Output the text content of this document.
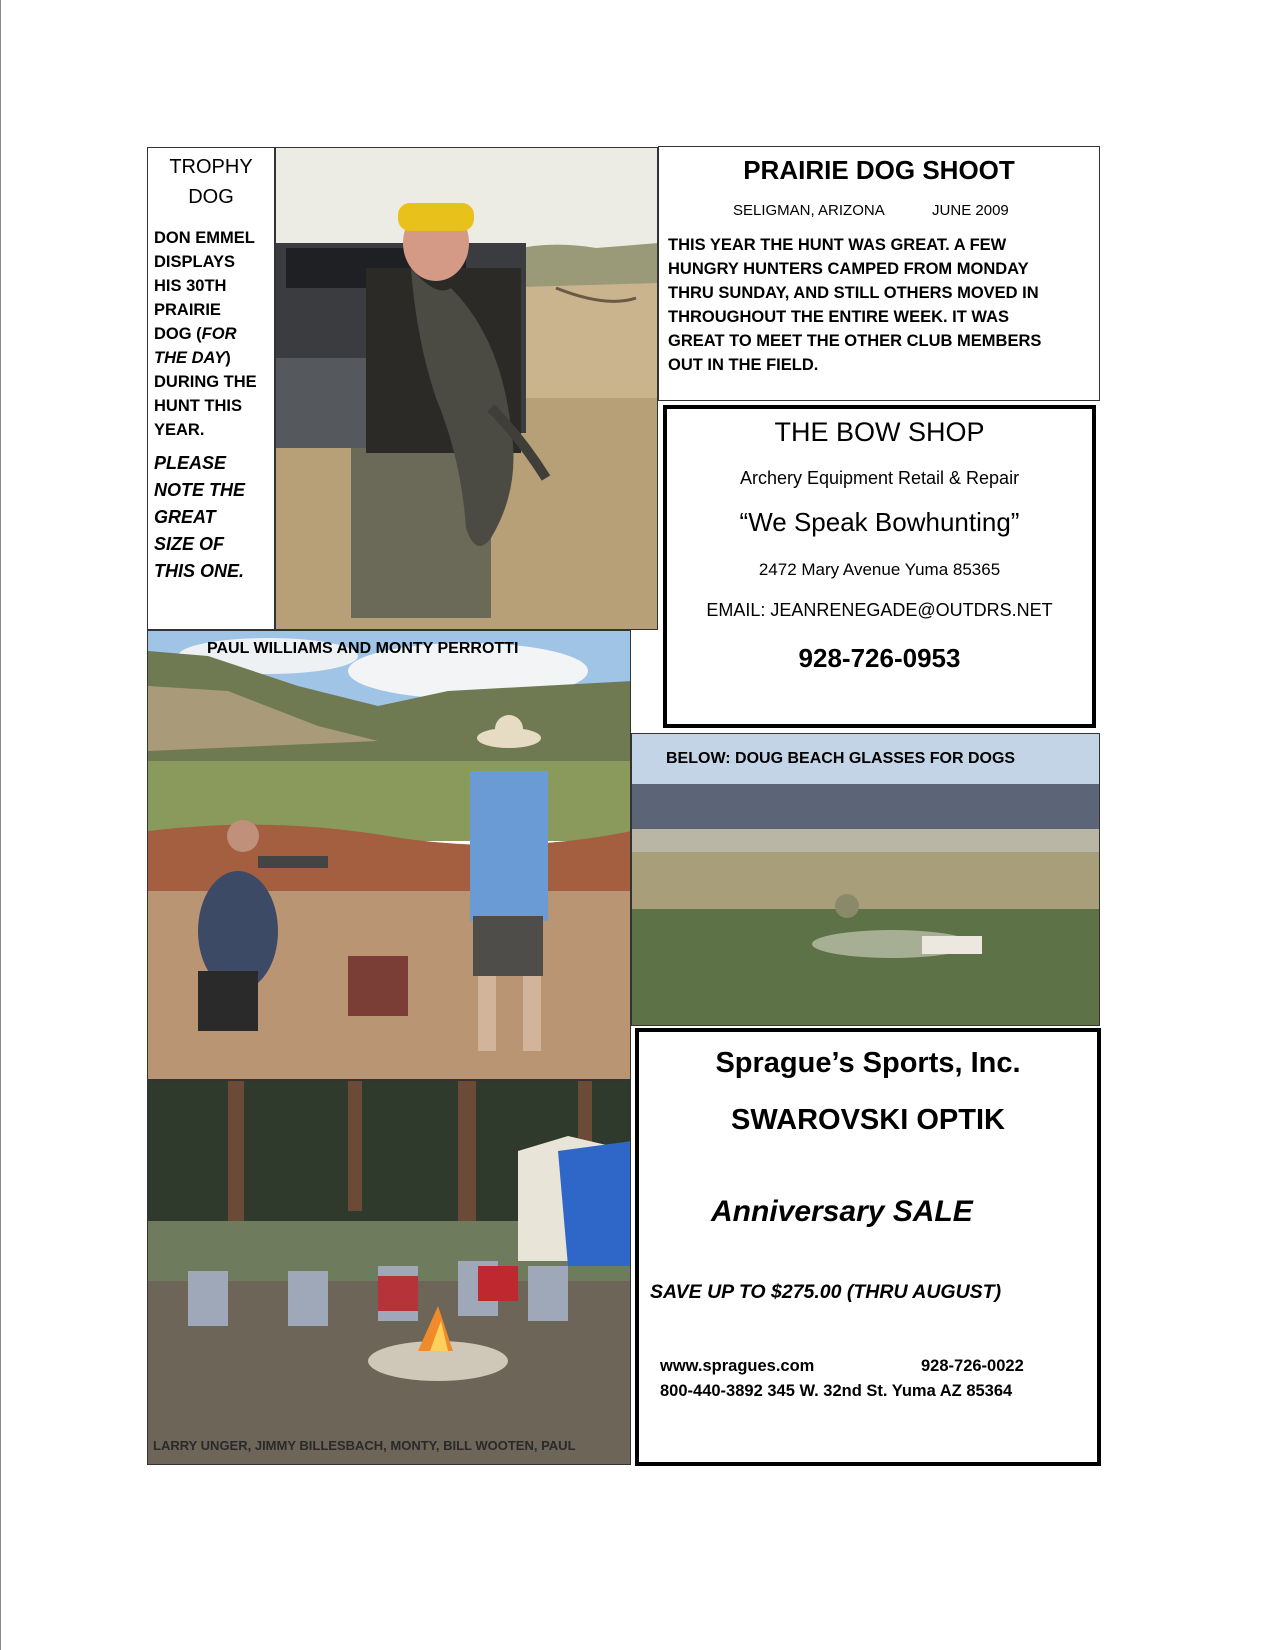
TROPHY
DOG
DON EMMEL
DISPLAYS
HIS 30TH
PRAIRIE
DOG (FOR
THE DAY)
DURING THE
HUNT THIS
YEAR.
PLEASE
NOTE THE
GREAT
SIZE OF
THIS ONE.
PRAIRIE DOG SHOOT
SELIGMAN, ARIZONA	JUNE 2009
THIS YEAR THE HUNT WAS GREAT. A FEW
HUNGRY HUNTERS CAMPED FROM MONDAY
THRU SUNDAY, AND STILL OTHERS MOVED IN
THROUGHOUT THE ENTIRE WEEK. IT WAS
GREAT TO MEET THE OTHER CLUB MEMBERS
OUT IN THE FIELD.
THE BOW SHOP
Archery Equipment Retail & Repair
“We Speak Bowhunting”
2472 Mary Avenue Yuma 85365
EMAIL: JEANRENEGADE@OUTDRS.NET
928-726-0953
PAUL WILLIAMS AND MONTY PERROTTI
BELOW: DOUG BEACH GLASSES FOR DOGS
LARRY UNGER, JIMMY BILLESBACH, MONTY, BILL WOOTEN, PAUL
Sprague’s Sports, Inc.
SWAROVSKI OPTIK
Anniversary SALE
SAVE UP TO $275.00 (THRU AUGUST)
www.spragues.com	928-726-0022
800-440-3892 345 W. 32nd St. Yuma AZ 85364
